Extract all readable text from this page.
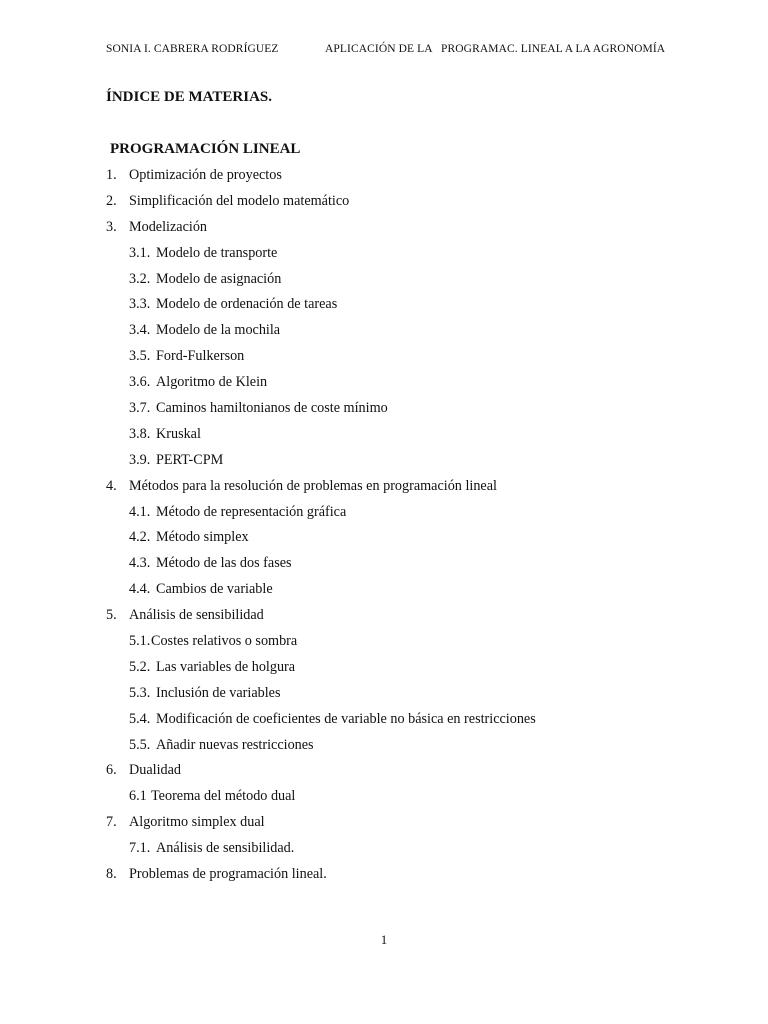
SONIA I. CABRERA RODRÍGUEZ	APLICACIÓN DE LA PROGRAMAC. LINEAL A LA AGRONOMÍA
ÍNDICE DE MATERIAS.
PROGRAMACIÓN LINEAL
1. Optimización de proyectos
2. Simplificación del modelo matemático
3. Modelización
3.1. Modelo de transporte
3.2. Modelo de asignación
3.3. Modelo de ordenación de tareas
3.4. Modelo de la mochila
3.5. Ford-Fulkerson
3.6. Algoritmo de Klein
3.7. Caminos hamiltonianos de coste mínimo
3.8. Kruskal
3.9. PERT-CPM
4. Métodos para la resolución de problemas en programación lineal
4.1. Método de representación gráfica
4.2. Método simplex
4.3. Método de las dos fases
4.4. Cambios de variable
5. Análisis de sensibilidad
5.1. Costes relativos o sombra
5.2. Las variables de holgura
5.3. Inclusión de variables
5.4. Modificación de coeficientes de variable no básica en restricciones
5.5. Añadir nuevas restricciones
6. Dualidad
6.1 Teorema del método dual
7. Algoritmo simplex dual
7.1. Análisis de sensibilidad.
8. Problemas de programación lineal.
1
